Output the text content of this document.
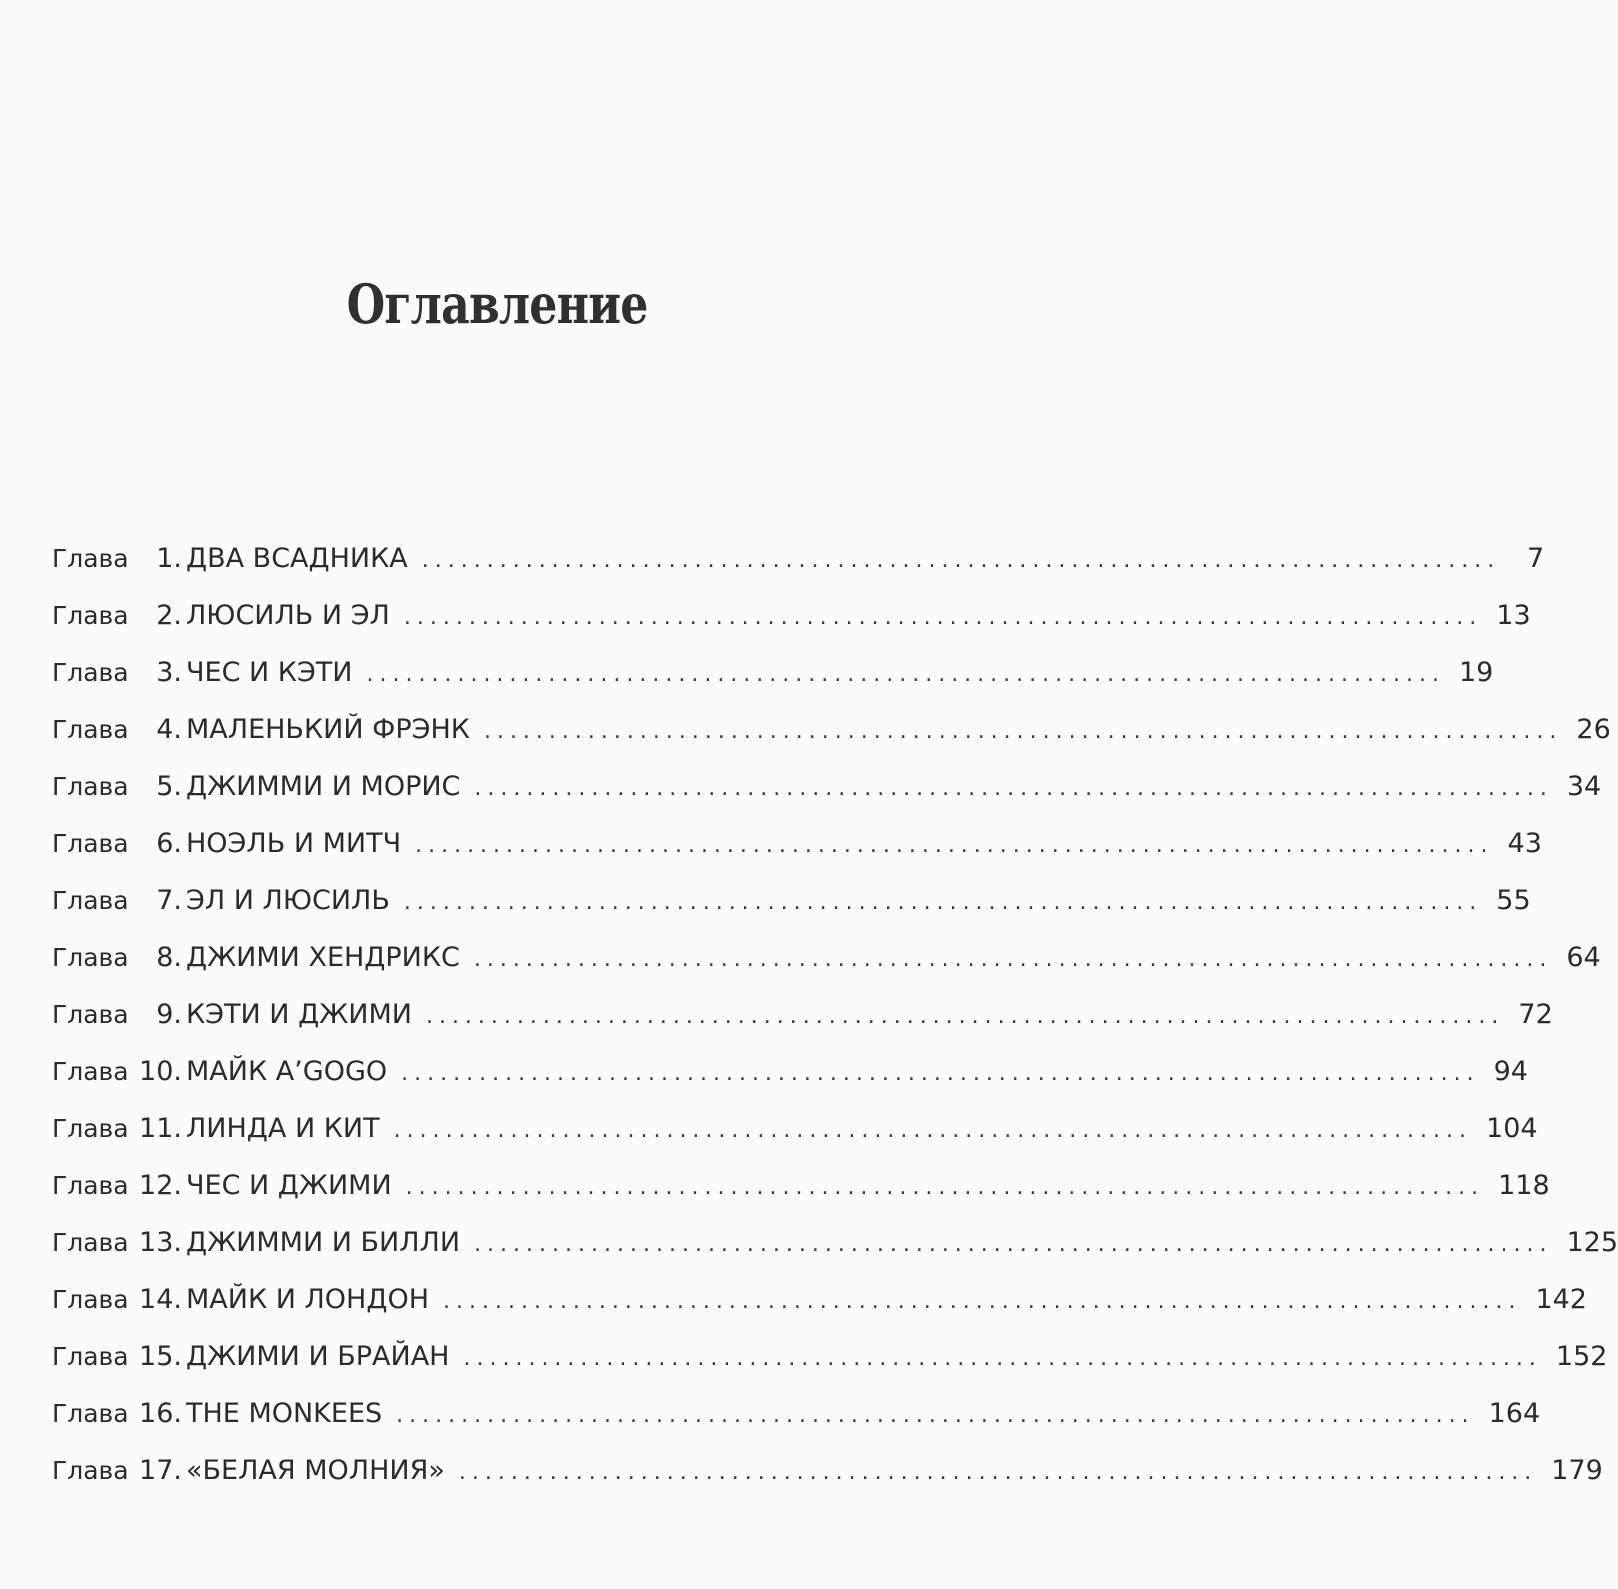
Оглавление
Глава	1. ДВА ВСАДНИКА ................................................................................... 7
Глава	2. ЛЮСИЛЬ И ЭЛ ................................................................................... 13
Глава	3. ЧЕС И КЭТИ ................................................................................... 19
Глава	4. МАЛЕНЬКИЙ ФРЭНК ................................................................................... 26
Глава	5. ДЖИММИ И МОРИС ................................................................................... 34
Глава	6. НОЭЛЬ И МИТЧ ................................................................................... 43
Глава	7. ЭЛ И ЛЮСИЛЬ ................................................................................... 55
Глава	8. ДЖИМИ ХЕНДРИКС ................................................................................... 64
Глава	9. КЭТИ И ДЖИМИ ................................................................................... 72
Глава 10. МАЙК A’GOGO ................................................................................... 94
Глава 11. ЛИНДА И КИТ ................................................................................... 104
Глава 12. ЧЕС И ДЖИМИ ................................................................................... 118
Глава 13. ДЖИММИ И БИЛЛИ ................................................................................... 125
Глава 14. МАЙК И ЛОНДОН ................................................................................... 142
Глава 15. ДЖИМИ И БРАЙАН ................................................................................... 152
Глава 16. THE MONKEES ................................................................................... 164
Глава 17. «БЕЛАЯ МОЛНИЯ» ................................................................................... 179
